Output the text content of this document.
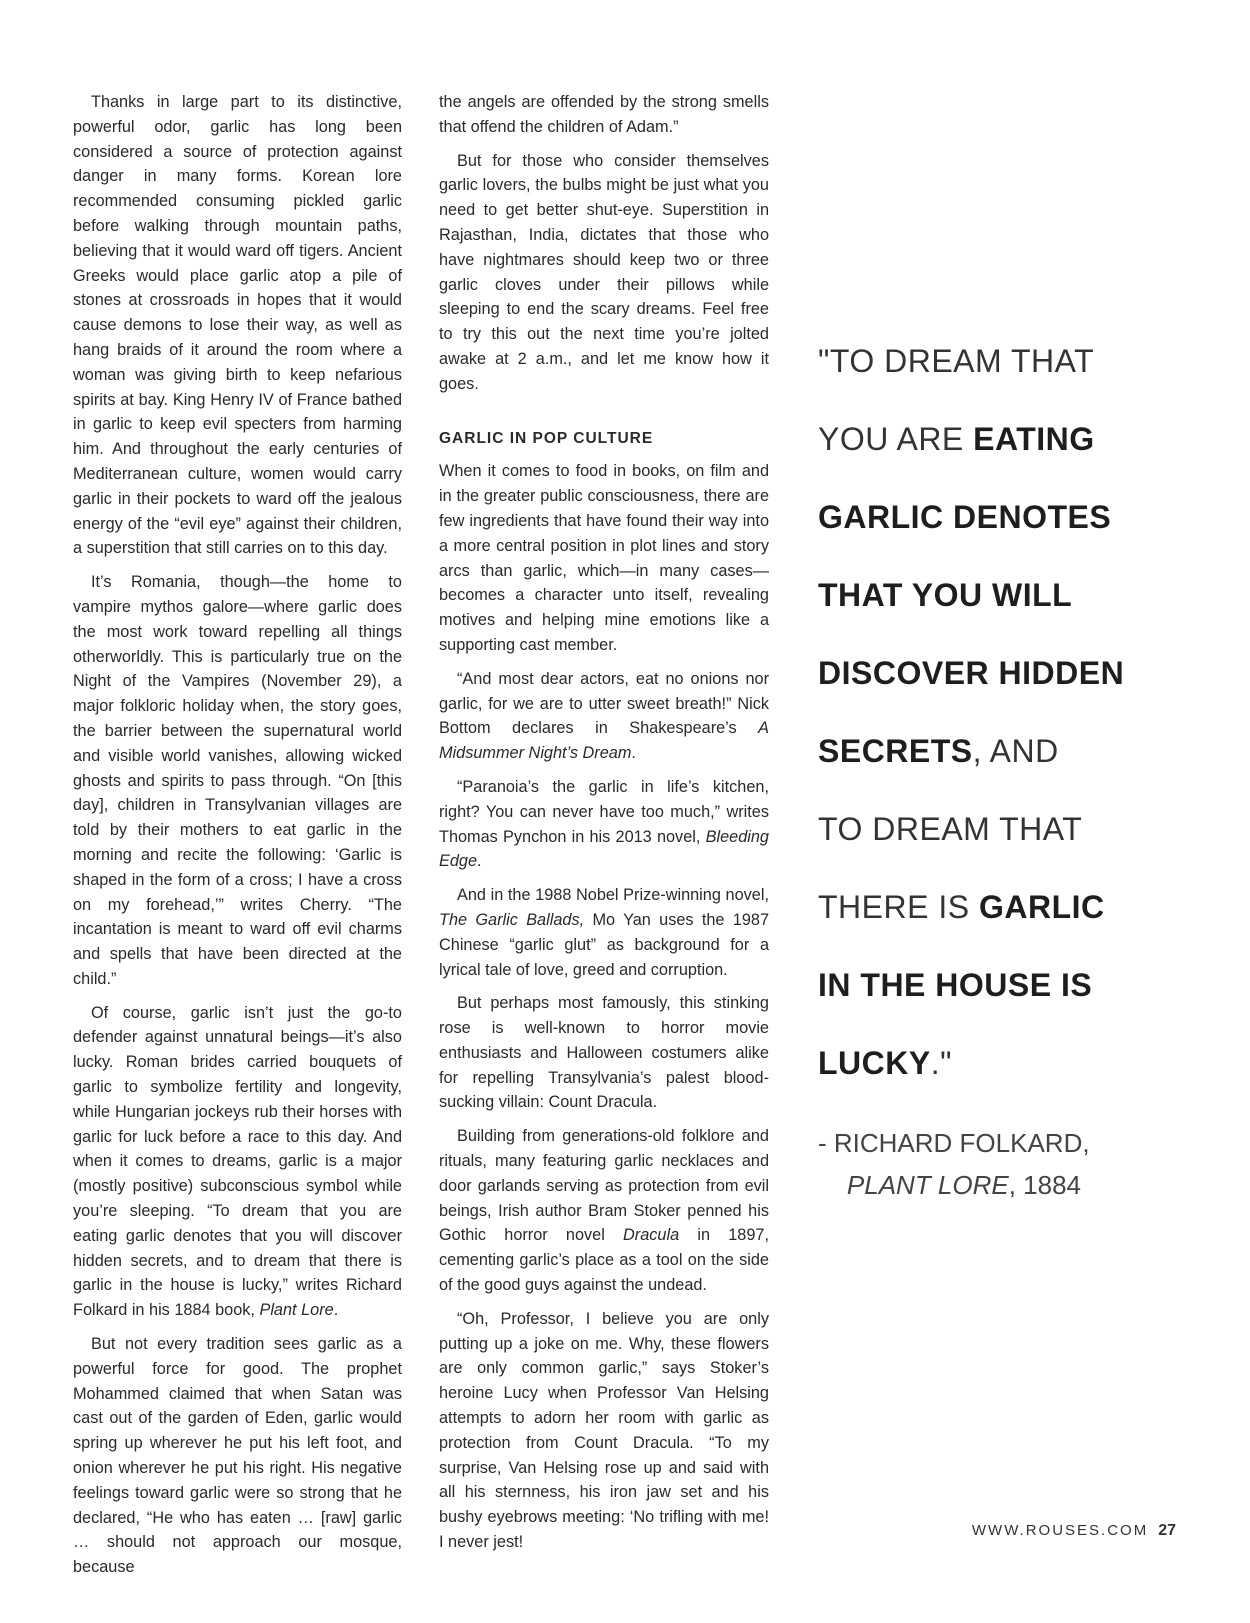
Thanks in large part to its distinctive, powerful odor, garlic has long been considered a source of protection against danger in many forms. Korean lore recommended consuming pickled garlic before walking through mountain paths, believing that it would ward off tigers. Ancient Greeks would place garlic atop a pile of stones at crossroads in hopes that it would cause demons to lose their way, as well as hang braids of it around the room where a woman was giving birth to keep nefarious spirits at bay. King Henry IV of France bathed in garlic to keep evil specters from harming him. And throughout the early centuries of Mediterranean culture, women would carry garlic in their pockets to ward off the jealous energy of the “evil eye” against their children, a superstition that still carries on to this day.

It’s Romania, though—the home to vampire mythos galore—where garlic does the most work toward repelling all things otherworldly. This is particularly true on the Night of the Vampires (November 29), a major folkloric holiday when, the story goes, the barrier between the supernatural world and visible world vanishes, allowing wicked ghosts and spirits to pass through. “On [this day], children in Transylvanian villages are told by their mothers to eat garlic in the morning and recite the following: ‘Garlic is shaped in the form of a cross; I have a cross on my forehead,’” writes Cherry. “The incantation is meant to ward off evil charms and spells that have been directed at the child.”

Of course, garlic isn’t just the go-to defender against unnatural beings—it’s also lucky. Roman brides carried bouquets of garlic to symbolize fertility and longevity, while Hungarian jockeys rub their horses with garlic for luck before a race to this day. And when it comes to dreams, garlic is a major (mostly positive) subconscious symbol while you’re sleeping. “To dream that you are eating garlic denotes that you will discover hidden secrets, and to dream that there is garlic in the house is lucky,” writes Richard Folkard in his 1884 book, Plant Lore.

But not every tradition sees garlic as a powerful force for good. The prophet Mohammed claimed that when Satan was cast out of the garden of Eden, garlic would spring up wherever he put his left foot, and onion wherever he put his right. His negative feelings toward garlic were so strong that he declared, “He who has eaten … [raw] garlic … should not approach our mosque, because

the angels are offended by the strong smells that offend the children of Adam.”

But for those who consider themselves garlic lovers, the bulbs might be just what you need to get better shut-eye. Superstition in Rajasthan, India, dictates that those who have nightmares should keep two or three garlic cloves under their pillows while sleeping to end the scary dreams. Feel free to try this out the next time you’re jolted awake at 2 a.m., and let me know how it goes.

GARLIC IN POP CULTURE

When it comes to food in books, on film and in the greater public consciousness, there are few ingredients that have found their way into a more central position in plot lines and story arcs than garlic, which—in many cases—becomes a character unto itself, revealing motives and helping mine emotions like a supporting cast member.

“And most dear actors, eat no onions nor garlic, for we are to utter sweet breath!” Nick Bottom declares in Shakespeare’s A Midsummer Night’s Dream.

“Paranoia’s the garlic in life’s kitchen, right? You can never have too much,” writes Thomas Pynchon in his 2013 novel, Bleeding Edge.

And in the 1988 Nobel Prize-winning novel, The Garlic Ballads, Mo Yan uses the 1987 Chinese “garlic glut” as background for a lyrical tale of love, greed and corruption.

But perhaps most famously, this stinking rose is well-known to horror movie enthusiasts and Halloween costumers alike for repelling Transylvania’s palest blood-sucking villain: Count Dracula.

Building from generations-old folklore and rituals, many featuring garlic necklaces and door garlands serving as protection from evil beings, Irish author Bram Stoker penned his Gothic horror novel Dracula in 1897, cementing garlic’s place as a tool on the side of the good guys against the undead.

“Oh, Professor, I believe you are only putting up a joke on me. Why, these flowers are only common garlic,” says Stoker’s heroine Lucy when Professor Van Helsing attempts to adorn her room with garlic as protection from Count Dracula. “To my surprise, Van Helsing rose up and said with all his sternness, his iron jaw set and his bushy eyebrows meeting: ‘No trifling with me! I never jest!

"TO DREAM THAT
YOU ARE EATING
GARLIC DENOTES
THAT YOU WILL
DISCOVER HIDDEN
SECRETS, AND
TO DREAM THAT
THERE IS GARLIC
IN THE HOUSE IS
LUCKY."
- RICHARD FOLKARD,
PLANT LORE, 1884
WWW.ROUSES.COM 27
